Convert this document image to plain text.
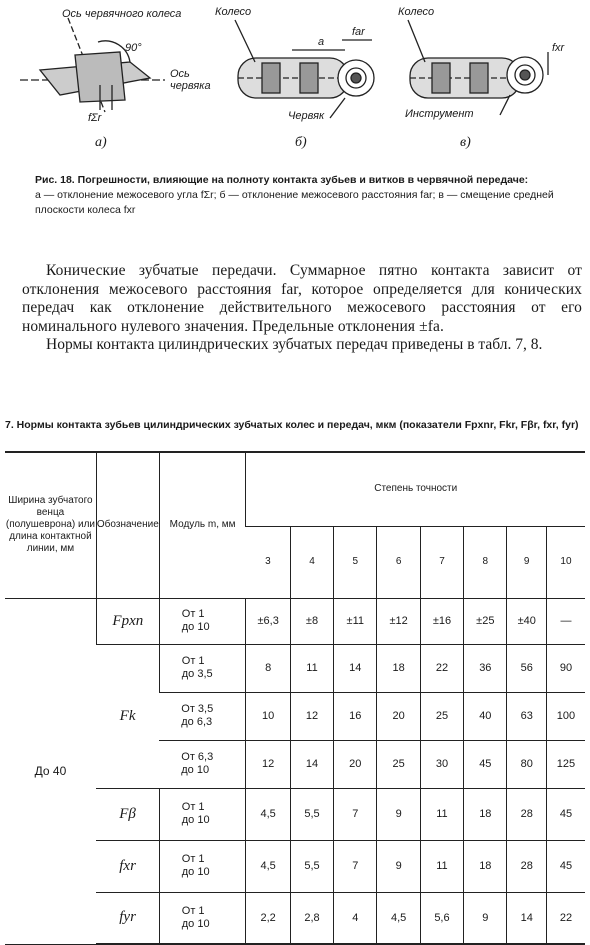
Ось червячного колеса
90°
Ось червяка
fΣr
Колесо
a
far
Червяк
Колесо
fxr
Инструмент
а)	б)	в)
Рис. 18. Погрешности, влияющие на полноту контакта зубьев и витков в червячной передаче:
а — отклонение межосевого угла fΣr; б — отклонение межосевого расстояния far; в — смещение средней плоскости колеса fxr

Конические зубчатые передачи. Суммарное пятно контакта зависит от отклонения межосевого расстояния far, которое определяется для конических передач как отклонение действительного межосевого расстояния от его номинального нулевого значения. Предельные отклонения ±fa.

Нормы контакта цилиндрических зубчатых передач приведены в табл. 7, 8.

7. Нормы контакта зубьев цилиндрических зубчатых колес и передач, мкм (показатели Fpxnr, Fkr, Fβr, fxr, fyr)
Ширина зубчатого венца (полушеврона) или длина контактной линии, мм	Обозначение	Модуль m, мм	Степень точности							
			3	4	5	6	7	8	9	10
До 40	Fpxn	От 1
до 10	±6,3	±8	±11	±12	±16	±25	±40	—
	Fk	От 1
до 3,5	8	11	14	18	22	36	56	90
		От 3,5
до 6,3	10	12	16	20	25	40	63	100
		От 6,3
до 10	12	14	20	25	30	45	80	125
	Fβ	От 1
до 10	4,5	5,5	7	9	11	18	28	45
	fxr	От 1
до 10	4,5	5,5	7	9	11	18	28	45
	fyr	От 1
до 10	2,2	2,8	4	4,5	5,6	9	14	22
